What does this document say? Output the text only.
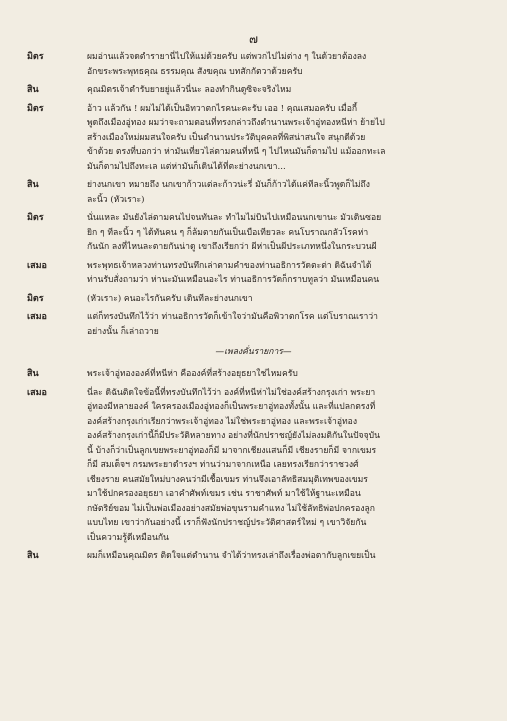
๗
มิตร	ผมอ่านแล้วจดตำรายานี่ไปให้แม่ด้วยครับ แต่พวกไปไม่ต่าง ๆ ในด้วยาต้องลง
อักขระพระพุทธคุณ ธรรมคุณ สังฆคุณ บทสักกัตวาด้วยครับ
สิน	คุณมิตรเจ้าตำรับยายยู่แล้วนี่นะ ลองทำกินดูซิจะจริงไหม
มิตร	อ้าว แล้วกัน ! ผมไม่ได้เป็นอิทวาตกไรคนะคะรับ เออ ! คุณเสมอครับ เมื่อกี้
พูดถึงเมืองอู่ทอง ผมว่าจะถามตอนที่ทรงกล่าวถึงตำนานพระเจ้าอู่ทองหนีห่า ย้ายไป
สร้างเมืองใหม่ผมสนใจครับ เป็นตำนานประวัติบุคคลที่พิสน่าสนใจ สนุกดีด้วย
ข้าด้วย ตรงที่บอกว่า ห่ามันเที่ยวไล่ตามคนที่หนี ๆ ไปไหนมันก็ตามไป แม้ออกทะเล
มันก็ตามไปถึงทะเล แต่ห่ามันก็เดินได้ที่ตะย่างนกเขา...
สิน	ย่างนกเขา หมายถึง นกเขาก้าวแต่ละก้าวน่ะรี่ มันก็ก้าวได้แค่ทีละนิ้วพูดก็ไม่ถึง
ละนิ้ว (หัวเราะ)
มิตร	นั่นแหละ มันยังไล่ตามคนไปจนทันละ ทำไมไม่บินไปเหมือนนกเขานะ มัวเดินซอย
ยิก ๆ ทีละนิ้ว ๆ ได้ทันคน ๆ ก็ล้มตายกันเป็นเบือเทียวละ คนโบราณกลัวโรคห่า
กันนัก ลงที่ไหนละตายกันน่าดู เขาถึงเรียกว่า ผีห่าเป็นผีประเภทหนึ่งในกระบวนผี
เสมอ	พระพุทธเจ้าหลวงท่านทรงบันทึกเล่าตามคำของท่านอธิการวัดตะต่า ดิฉันจำได้
ท่านรับสั่งถามว่า ห่านะมันเหมือนอะไร ท่านอธิการวัดก็กราบทูลว่า มันเหมือนคน
มิตร	(หัวเราะ) คนอะไรกันครับ เดินทีละย่างนกเขา
เสมอ	แต่ก็ทรงบันทึกไว้ว่า ท่านอธิการวัดก็เข้าใจว่ามันคือพิวาตกโรค แต่โบราณเราว่า
อย่างนั้น ก็เล่าถวาย
—เพลงคั่นรายการ—
สิน	พระเจ้าอู่ทององค์ที่หนีห่า คือองค์ที่สร้างอยุธยาใช่ไหมครับ
เสมอ	นี่ละ ดิฉันติดใจข้อนี้ที่ทรงบันทึกไว้ว่า องค์ที่หนีห่าไม่ใช่องค์สร้างกรุงเก่า พระยา
อู่ทองมีหลายองค์ ใครครองเมืองอู่ทองก็เป็นพระยาอู่ทองทั้งนั้น และที่แปลกตรงที่
องค์สร้างกรุงเก่าเรียกว่าพระเจ้าอู่ทอง ไม่ใช่พระยาอู่ทอง และพระเจ้าอู่ทอง
องค์สร้างกรุงเก่านี้ก็มีประวัติหลายทาง อย่างที่นักปราชญ์ยังไม่ลงมติกันในปัจจุบัน
นี้ บ้างก็ว่าเป็นลูกเขยพระยาอู่ทองก็มี มาจากเชียงแสนก็มี เชียงรายก็มี จากเขมร
ก็มี สมเด็จฯ กรมพระยาดำรงฯ ท่านว่ามาจากเหนือ เลยทรงเรียกว่าราชวงศ์
เชียงราย คนสมัยใหม่บางคนว่ามีเชื้อเขมร ท่านจึงเอาลัทธิสมมุติเทพของเขมร
มาใช้ปกครองอยุธยา เอาคำศัพท์เขมร เช่น ราชาศัพท์ มาใช้ให้ฐานะเหมือน
กษัตริย์ขอม ไม่เป็นพ่อเมืองอย่างสมัยพ่อขุนรามคำแหง ไม่ใช้ลัทธิพ่อปกครองลูก
แบบไทย เขาว่ากันอย่างนี้ เราก็ฟังนักปราชญ์ประวัติศาสตร์ใหม่ ๆ เขาวิจัยกัน
เป็นความรู้ดีเหมือนกัน
สิน	ผมก็เหมือนคุณมิตร ติดใจแต่ตำนาน จำได้ว่าทรงเล่าถึงเรื่องพ่อตากับลูกเขยเป็น
